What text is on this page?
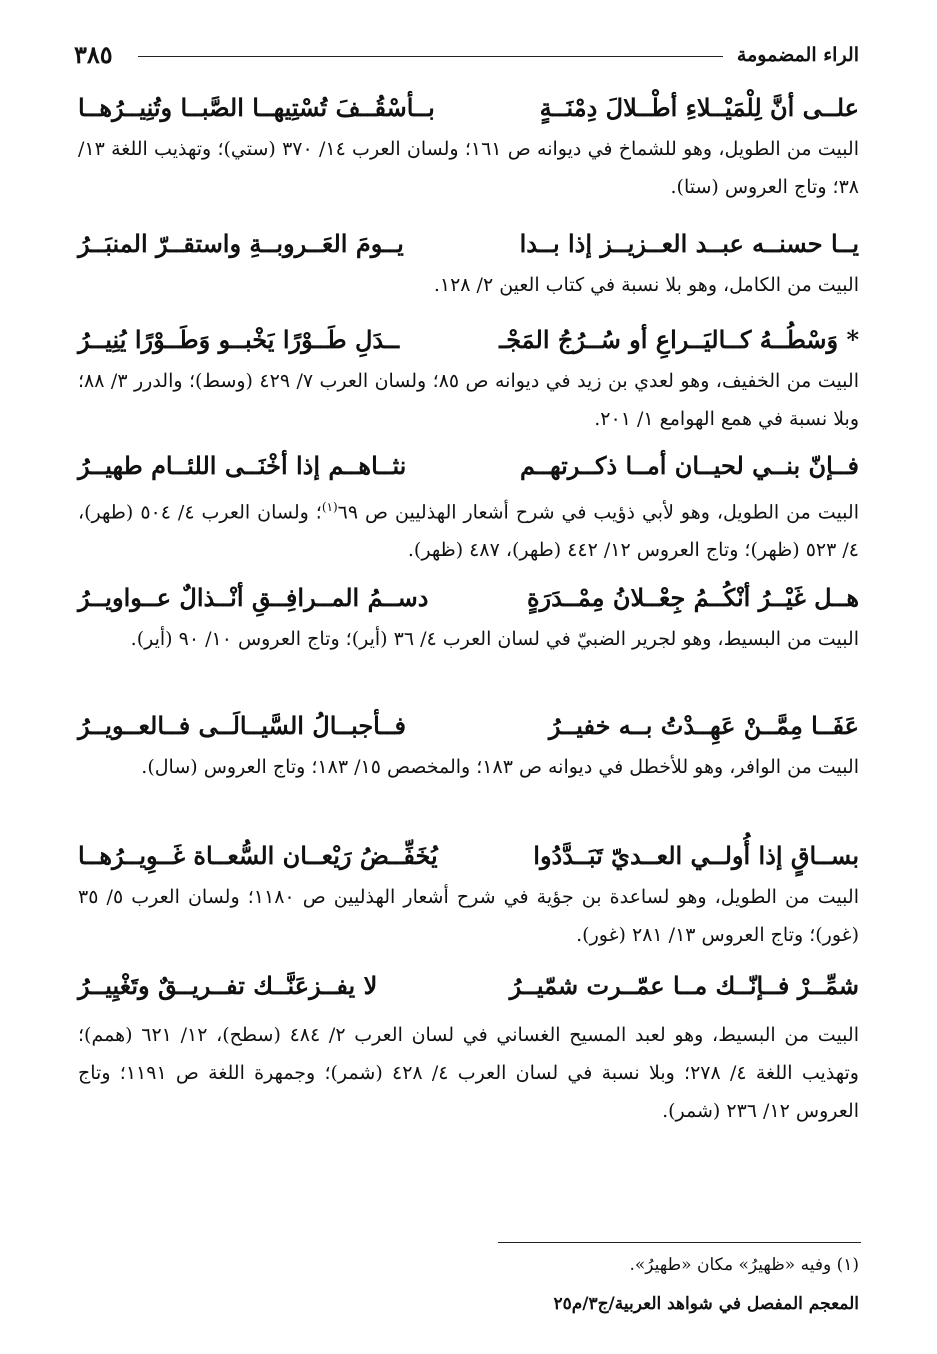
الراء المضمومة
٣٨٥
علــى أنَّ لِلْمَيْــلاءِ أطْــلالَ دِمْنَــةٍ
بــأسْقُــفَ تُسْتِيهــا الصَّبــا وتُنِيــرُهــا
البيت من الطويل، وهو للشماخ في ديوانه ص ١٦١؛ ولسان العرب ١٤/ ٣٧٠ (ستي)؛ وتهذيب اللغة ١٣/ ٣٨؛ وتاج العروس (ستا).
يــا حسنــه عبــد العــزيــز إذا بــدا
يــومَ العَــروبــةِ واستقــرّ المنبَــرُ
البيت من الكامل، وهو بلا نسبة في كتاب العين ٢/ ١٢٨.
* وَسْطُــهُ كــاليَــراعِ أو سُــرُجُ المَجْـ
ــدَلِ طَــوْرًا يَخْبــو وَطَــوْرًا يُنِيــرُ
البيت من الخفيف، وهو لعدي بن زيد في ديوانه ص ٨٥؛ ولسان العرب ٧/ ٤٢٩ (وسط)؛ والدرر ٣/ ٨٨؛ وبلا نسبة في همع الهوامع ١/ ٢٠١.
فــإنّ بنــي لحيــان أمــا ذكــرتهــم
نثــاهــم إذا أخْنَــى اللئــام طهيــرُ
البيت من الطويل، وهو لأبي ذؤيب في شرح أشعار الهذليين ص ٦٩$^{(١)}$؛ ولسان العرب ٤/ ٥٠٤ (طهر)، ٤/ ٥٢٣ (ظهر)؛ وتاج العروس ١٢/ ٤٤٢ (طهر)، ٤٨٧ (ظهر).
هــل غَيْــرُ أنْكُــمُ جِعْــلانُ مِمْــدَرَةٍ
دســمُ المــرافِــقِ أنْــذالٌ عــواويــرُ
البيت من البسيط، وهو لجرير الضبيّ في لسان العرب ٤/ ٣٦ (أير)؛ وتاج العروس ١٠/ ٩٠ (أير).
عَفَــا مِمَّــنْ عَهِــدْتُ بــه خفيــرُ
فــأجبــالُ السَّيــالَــى فــالعــويــرُ
البيت من الوافر، وهو للأخطل في ديوانه ص ١٨٣؛ والمخصص ١٥/ ١٨٣؛ وتاج العروس (سال).
بســاقٍ إذا أُولــي العــديّ تَبَــدَّدُوا
يُخَفِّــضُ رَيْعــان السُّعــاة غَــوِيــرُهــا
البيت من الطويل، وهو لساعدة بن جؤية في شرح أشعار الهذليين ص ١١٨٠؛ ولسان العرب ٥/ ٣٥ (غور)؛ وتاج العروس ١٣/ ٢٨١ (غور).
شمِّــرْ فــإنّــك مــا عمّــرت شمّيــرُ
لا يفــزعَنَّــك تفــريــقٌ وتَغْيِيــرُ
البيت من البسيط، وهو لعبد المسيح الغساني في لسان العرب ٢/ ٤٨٤ (سطح)، ١٢/ ٦٢١ (همم)؛ وتهذيب اللغة ٤/ ٢٧٨؛ وبلا نسبة في لسان العرب ٤/ ٤٢٨ (شمر)؛ وجمهرة اللغة ص ١١٩١؛ وتاج العروس ١٢/ ٢٣٦ (شمر).
(١) وفيه «ظهيرُ» مكان «طهيرُ».
المعجم المفصل في شواهد العربية/ج٣/م٢٥
